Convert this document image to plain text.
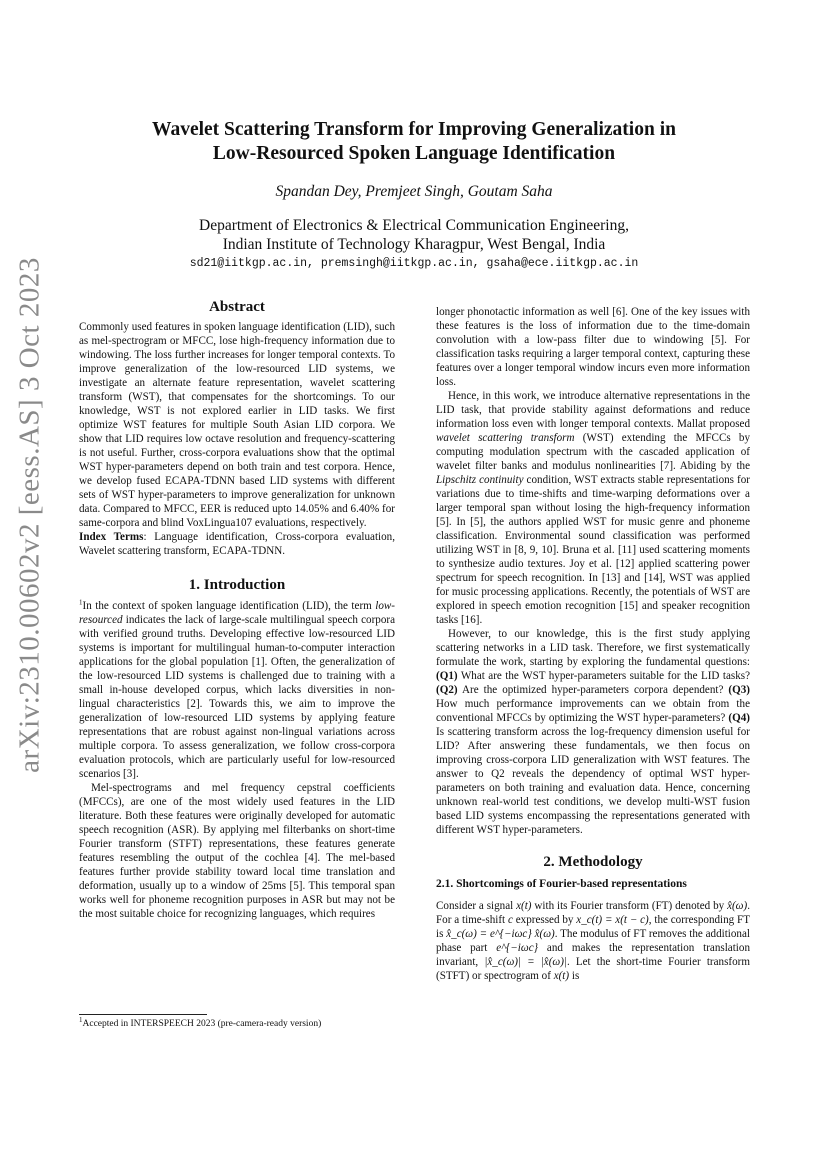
Wavelet Scattering Transform for Improving Generalization in
Low-Resourced Spoken Language Identification
Spandan Dey, Premjeet Singh, Goutam Saha
Department of Electronics & Electrical Communication Engineering,
Indian Institute of Technology Kharagpur, West Bengal, India
sd21@iitkgp.ac.in, premsingh@iitkgp.ac.in, gsaha@ece.iitkgp.ac.in
arXiv:2310.00602v2 [eess.AS] 3 Oct 2023	Abstract

Commonly used features in spoken language identification (LID), such as mel-spectrogram or MFCC, lose high-frequency information due to windowing. The loss further increases for longer temporal contexts. To improve generalization of the low-resourced LID systems, we investigate an alternate feature representation, wavelet scattering transform (WST), that compensates for the shortcomings. To our knowledge, WST is not explored earlier in LID tasks. We first optimize WST features for multiple South Asian LID corpora. We show that LID requires low octave resolution and frequency-scattering is not useful. Further, cross-corpora evaluations show that the optimal WST hyper-parameters depend on both train and test corpora. Hence, we develop fused ECAPA-TDNN based LID systems with different sets of WST hyper-parameters to improve generalization for unknown data. Compared to MFCC, EER is reduced upto 14.05% and 6.40% for same-corpora and blind VoxLingua107 evaluations, respectively.

Index Terms: Language identification, Cross-corpora evaluation, Wavelet scattering transform, ECAPA-TDNN.

1. Introduction

$^1$In the context of spoken language identification (LID), the term low-resourced indicates the lack of large-scale multilingual speech corpora with verified ground truths. Developing effective low-resourced LID systems is important for multilingual human-to-computer interaction applications for the global population [1]. Often, the generalization of the low-resourced LID systems is challenged due to training with a small in-house developed corpus, which lacks diversities in non-lingual characteristics [2]. Towards this, we aim to improve the generalization of low-resourced LID systems by applying feature representations that are robust against non-lingual variations across multiple corpora. To assess generalization, we follow cross-corpora evaluation protocols, which are particularly useful for low-resourced scenarios [3].

Mel-spectrograms and mel frequency cepstral coefficients (MFCCs), are one of the most widely used features in the LID literature. Both these features were originally developed for automatic speech recognition (ASR). By applying mel filterbanks on short-time Fourier transform (STFT) representations, these features generate features resembling the output of the cochlea [4]. The mel-based features further provide stability toward local time translation and deformation, usually up to a window of 25ms [5]. This temporal span works well for phoneme recognition purposes in ASR but may not be the most suitable choice for recognizing languages, which requires

$^1$Accepted in INTERSPEECH 2023 (pre-camera-ready version)

longer phonotactic information as well [6]. One of the key issues with these features is the loss of information due to the time-domain convolution with a low-pass filter due to windowing [5]. For classification tasks requiring a larger temporal context, capturing these features over a longer temporal window incurs even more information loss.

Hence, in this work, we introduce alternative representations in the LID task, that provide stability against deformations and reduce information loss even with longer temporal contexts. Mallat proposed wavelet scattering transform (WST) extending the MFCCs by computing modulation spectrum with the cascaded application of wavelet filter banks and modulus nonlinearities [7]. Abiding by the Lipschitz continuity condition, WST extracts stable representations for variations due to time-shifts and time-warping deformations over a larger temporal span without losing the high-frequency information [5]. In [5], the authors applied WST for music genre and phoneme classification. Environmental sound classification was performed utilizing WST in [8, 9, 10]. Bruna et al. [11] used scattering moments to synthesize audio textures. Joy et al. [12] applied scattering power spectrum for speech recognition. In [13] and [14], WST was applied for music processing applications. Recently, the potentials of WST are explored in speech emotion recognition [15] and speaker recognition tasks [16].

However, to our knowledge, this is the first study applying scattering networks in a LID task. Therefore, we first systematically formulate the work, starting by exploring the fundamental questions: (Q1) What are the WST hyper-parameters suitable for the LID tasks? (Q2) Are the optimized hyper-parameters corpora dependent? (Q3) How much performance improvements can we obtain from the conventional MFCCs by optimizing the WST hyper-parameters? (Q4) Is scattering transform across the log-frequency dimension useful for LID? After answering these fundamentals, we then focus on improving cross-corpora LID generalization with WST features. The answer to Q2 reveals the dependency of optimal WST hyper-parameters on both training and evaluation data. Hence, concerning unknown real-world test conditions, we develop multi-WST fusion based LID systems encompassing the representations generated with different WST hyper-parameters.

2. Methodology
2.1. Shortcomings of Fourier-based representations

Consider a signal x(t) with its Fourier transform (FT) denoted by x̂(ω). For a time-shift c expressed by x_c(t) = x(t − c), the corresponding FT is x̂_c(ω) = e^{−iωc} x̂(ω). The modulus of FT removes the additional phase part e^{−iωc} and makes the representation translation invariant, |x̂_c(ω)| = |x̂(ω)|. Let the short-time Fourier transform (STFT) or spectrogram of x(t) is
